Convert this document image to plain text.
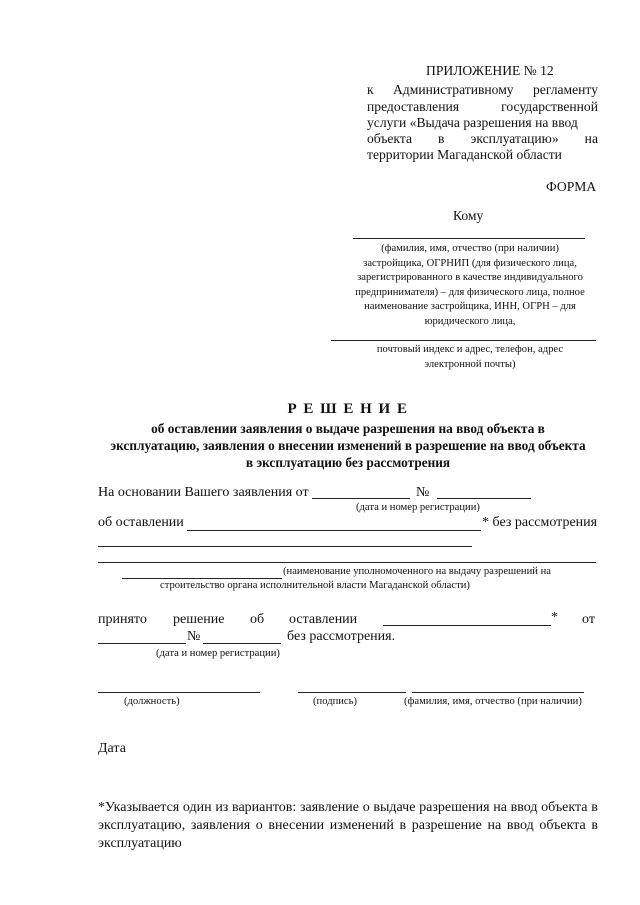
ПРИЛОЖЕНИЕ № 12
к Административному регламенту
предоставления	государственной
услуги «Выдача разрешения на ввод
объекта в эксплуатацию» на
территории Магаданской области
ФОРМА
Кому
(фамилия, имя, отчество (при наличии)
застройщика, ОГРНИП (для физического лица,
зарегистрированного в качестве индивидуального
предпринимателя) – для физического лица, полное
наименование застройщика, ИНН, ОГРН – для
юридического лица,
почтовый индекс и адрес, телефон, адрес
электронной почты)
Р Е Ш Е Н И Е
об оставлении заявления о выдаче разрешения на ввод объекта в
эксплуатацию, заявления о внесении изменений в разрешение на ввод объекта
в эксплуатацию без рассмотрения
На основании Вашего заявления от	№
(дата и номер регистрации)
об оставлении	* без рассмотрения
(наименование уполномоченного на выдачу разрешений на
строительство органа исполнительной власти Магаданской области)
принято решение об оставлении	* от
№	без рассмотрения.
(дата и номер регистрации)
(должность)	(подпись)	(фамилия, имя, отчество (при наличии)
Дата
*Указывается один из вариантов: заявление о выдаче разрешения на ввод объекта в
эксплуатацию, заявления о внесении изменений в разрешение на ввод объекта в
эксплуатацию
